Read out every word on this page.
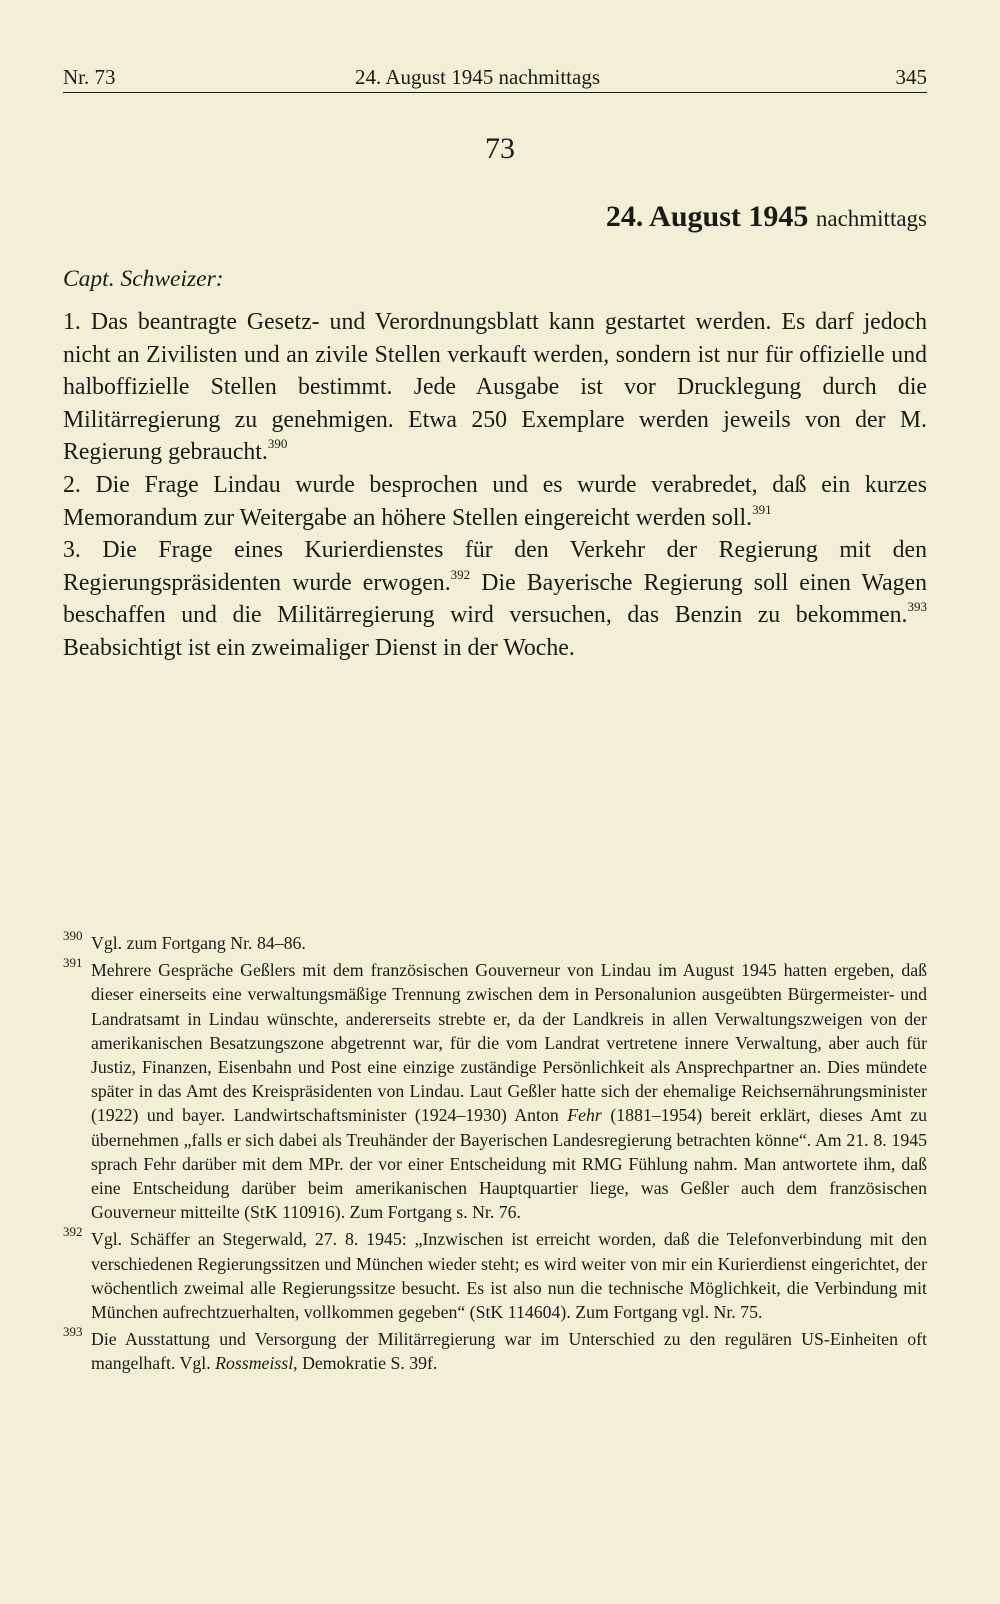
Nr. 73	24. August 1945 nachmittags	345
73
24. August 1945 nachmittags
Capt. Schweizer:

1. Das beantragte Gesetz- und Verordnungsblatt kann gestartet werden. Es darf jedoch nicht an Zivilisten und an zivile Stellen verkauft werden, sondern ist nur für offizielle und halboffizielle Stellen bestimmt. Jede Ausgabe ist vor Drucklegung durch die Militärregierung zu genehmigen. Etwa 250 Exemplare werden jeweils von der M. Regierung gebraucht.$^{390}$

2. Die Frage Lindau wurde besprochen und es wurde verabredet, daß ein kurzes Memorandum zur Weitergabe an höhere Stellen eingereicht werden soll.$^{391}$

3. Die Frage eines Kurierdienstes für den Verkehr der Regierung mit den Regierungspräsidenten wurde erwogen.$^{392}$ Die Bayerische Regierung soll einen Wagen beschaffen und die Militärregierung wird versuchen, das Benzin zu bekommen.$^{393}$ Beabsichtigt ist ein zweimaliger Dienst in der Woche.

390 Vgl. zum Fortgang Nr. 84–86.
391 Mehrere Gespräche Geßlers mit dem französischen Gouverneur von Lindau im August 1945 hatten ergeben, daß dieser einerseits eine verwaltungsmäßige Trennung zwischen dem in Personalunion ausgeübten Bürgermeister- und Landratsamt in Lindau wünschte, andererseits strebte er, da der Landkreis in allen Verwaltungszweigen von der amerikanischen Besatzungszone abgetrennt war, für die vom Landrat vertretene innere Verwaltung, aber auch für Justiz, Finanzen, Eisenbahn und Post eine einzige zuständige Persönlichkeit als Ansprechpartner an. Dies mündete später in das Amt des Kreispräsidenten von Lindau. Laut Geßler hatte sich der ehemalige Reichsernährungsminister (1922) und bayer. Landwirtschaftsminister (1924–1930) Anton Fehr (1881–1954) bereit erklärt, dieses Amt zu übernehmen „falls er sich dabei als Treuhänder der Bayerischen Landesregierung betrachten könne“. Am 21. 8. 1945 sprach Fehr darüber mit dem MPr. der vor einer Entscheidung mit RMG Fühlung nahm. Man antwortete ihm, daß eine Entscheidung darüber beim amerikanischen Hauptquartier liege, was Geßler auch dem französischen Gouverneur mitteilte (StK 110916). Zum Fortgang s. Nr. 76.
392 Vgl. Schäffer an Stegerwald, 27. 8. 1945: „Inzwischen ist erreicht worden, daß die Telefonverbindung mit den verschiedenen Regierungssitzen und München wieder steht; es wird weiter von mir ein Kurierdienst eingerichtet, der wöchentlich zweimal alle Regierungssitze besucht. Es ist also nun die technische Möglichkeit, die Verbindung mit München aufrechtzuerhalten, vollkommen gegeben“ (StK 114604). Zum Fortgang vgl. Nr. 75.
393 Die Ausstattung und Versorgung der Militärregierung war im Unterschied zu den regulären US-Einheiten oft mangelhaft. Vgl. Rossmeissl, Demokratie S. 39f.
